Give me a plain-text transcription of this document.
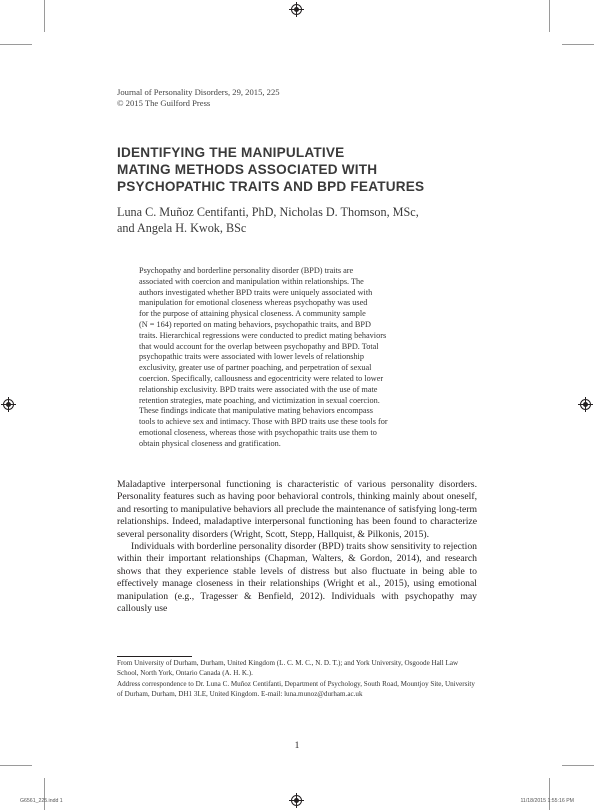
Journal of Personality Disorders, 29, 2015, 225
© 2015 The Guilford Press
IDENTIFYING THE MANIPULATIVE
MATING METHODS ASSOCIATED WITH
PSYCHOPATHIC TRAITS AND BPD FEATURES
Luna C. Muñoz Centifanti, PhD, Nicholas D. Thomson, MSc,
and Angela H. Kwok, BSc
Psychopathy and borderline personality disorder (BPD) traits are
associated with coercion and manipulation within relationships. The
authors investigated whether BPD traits were uniquely associated with
manipulation for emotional closeness whereas psychopathy was used
for the purpose of attaining physical closeness. A community sample
(N = 164) reported on mating behaviors, psychopathic traits, and BPD
traits. Hierarchical regressions were conducted to predict mating behaviors
that would account for the overlap between psychopathy and BPD. Total
psychopathic traits were associated with lower levels of relationship
exclusivity, greater use of partner poaching, and perpetration of sexual
coercion. Specifically, callousness and egocentricity were related to lower
relationship exclusivity. BPD traits were associated with the use of mate
retention strategies, mate poaching, and victimization in sexual coercion.
These findings indicate that manipulative mating behaviors encompass
tools to achieve sex and intimacy. Those with BPD traits use these tools for
emotional closeness, whereas those with psychopathic traits use them to
obtain physical closeness and gratification.

Maladaptive interpersonal functioning is characteristic of various personality disorders. Personality features such as having poor behavioral controls, thinking mainly about oneself, and resorting to manipulative behaviors all preclude the maintenance of satisfying long-term relationships. Indeed, maladaptive interpersonal functioning has been found to characterize several personality disorders (Wright, Scott, Stepp, Hallquist, & Pilkonis, 2015).

Individuals with borderline personality disorder (BPD) traits show sensitivity to rejection within their important relationships (Chapman, Walters, & Gordon, 2014), and research shows that they experience stable levels of distress but also fluctuate in being able to effectively manage closeness in their relationships (Wright et al., 2015), using emotional manipulation (e.g., Tragesser & Benfield, 2012). Individuals with psychopathy may callously use

From University of Durham, Durham, United Kingdom (L. C. M. C., N. D. T.); and York University, Osgoode Hall Law School, North York, Ontario Canada (A. H. K.).
Address correspondence to Dr. Luna C. Muñoz Centifanti, Department of Psychology, South Road, Mountjoy Site, University of Durham, Durham, DH1 3LE, United Kingdom. E-mail: luna.munoz@durham.ac.uk
1
G6561_225.indd 1	11/18/2015 1:55:16 PM
